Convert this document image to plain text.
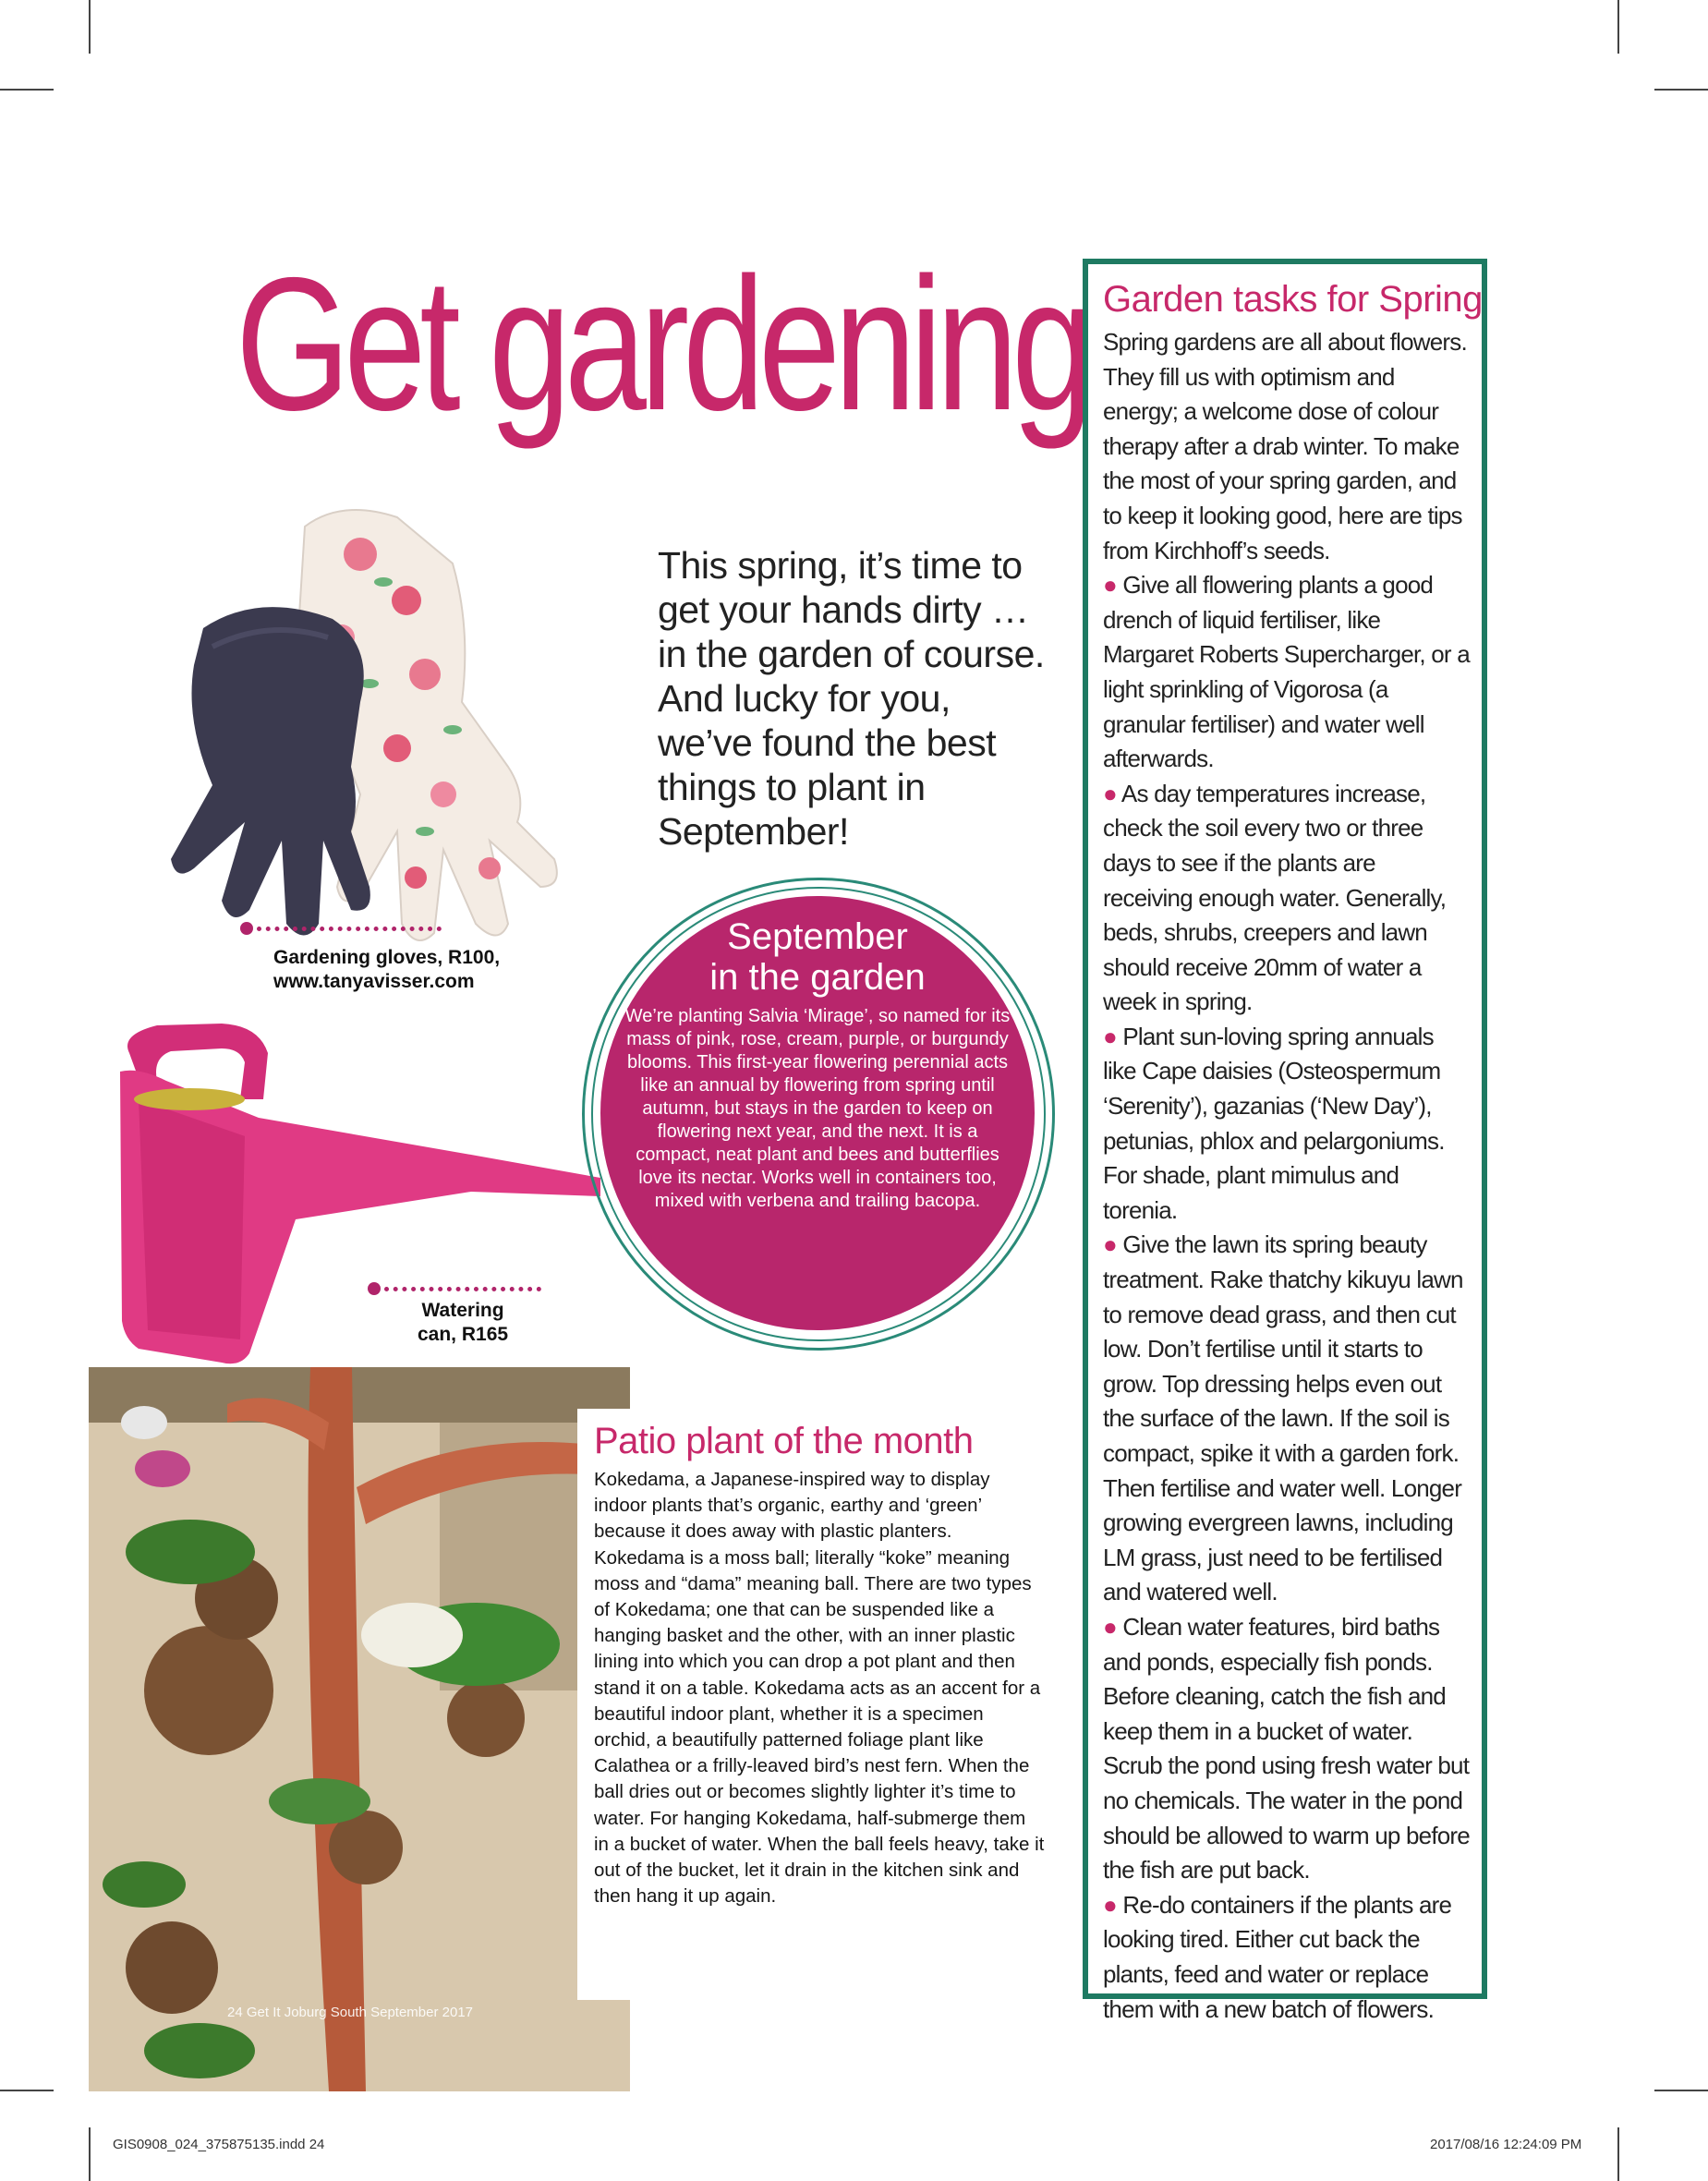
Get gardening
This spring, it’s time to get your hands dirty … in the garden of course. And lucky for you, we’ve found the best things to plant in September!
Gardening gloves, R100,
www.tanyavisser.com
Watering
can, R165
September
in the garden
We’re planting Salvia ‘Mirage’, so named for its mass of pink, rose, cream, purple, or burgundy blooms. This first-year flowering perennial acts like an annual by flowering from spring until autumn, but stays in the garden to keep on flowering next year, and the next. It is a compact, neat plant and bees and butterflies love its nectar. Works well in containers too, mixed with verbena and trailing bacopa.
Patio plant of the month
Kokedama, a Japanese-inspired way to display indoor plants that’s organic, earthy and ‘green’ because it does away with plastic planters. Kokedama is a moss ball; literally “koke” meaning moss and “dama” meaning ball. There are two types of Kokedama; one that can be suspended like a hanging basket and the other, with an inner plastic lining into which you can drop a pot plant and then stand it on a table. Kokedama acts as an accent for a beautiful indoor plant, whether it is a specimen orchid, a beautifully patterned foliage plant like Calathea or a frilly-leaved bird’s nest fern. When the ball dries out or becomes slightly lighter it’s time to water. For hanging Kokedama, half-submerge them in a bucket of water. When the ball feels heavy, take it out of the bucket, let it drain in the kitchen sink and then hang it up again.
24 Get It Joburg South September 2017
Garden tasks for Spring

Spring gardens are all about flowers. They fill us with optimism and energy; a welcome dose of colour therapy after a drab winter. To make the most of your spring garden, and to keep it looking good, here are tips from Kirchhoff’s seeds.

● Give all flowering plants a good drench of liquid fertiliser, like Margaret Roberts Supercharger, or a light sprinkling of Vigorosa (a granular fertiliser) and water well afterwards.

● As day temperatures increase, check the soil every two or three days to see if the plants are receiving enough water. Generally, beds, shrubs, creepers and lawn should receive 20mm of water a week in spring.

● Plant sun-loving spring annuals like Cape daisies (Osteospermum ‘Serenity’), gazanias (‘New Day’), petunias, phlox and pelargoniums. For shade, plant mimulus and torenia.

● Give the lawn its spring beauty treatment. Rake thatchy kikuyu lawn to remove dead grass, and then cut low. Don’t fertilise until it starts to grow. Top dressing helps even out the surface of the lawn. If the soil is compact, spike it with a garden fork. Then fertilise and water well. Longer growing evergreen lawns, including LM grass, just need to be fertilised and watered well.

● Clean water features, bird baths and ponds, especially fish ponds. Before cleaning, catch the fish and keep them in a bucket of water. Scrub the pond using fresh water but no chemicals. The water in the pond should be allowed to warm up before the fish are put back.

● Re-do containers if the plants are looking tired. Either cut back the plants, feed and water or replace them with a new batch of flowers.

GIS0908_024_375875135.indd 24	2017/08/16 12:24:09 PM
